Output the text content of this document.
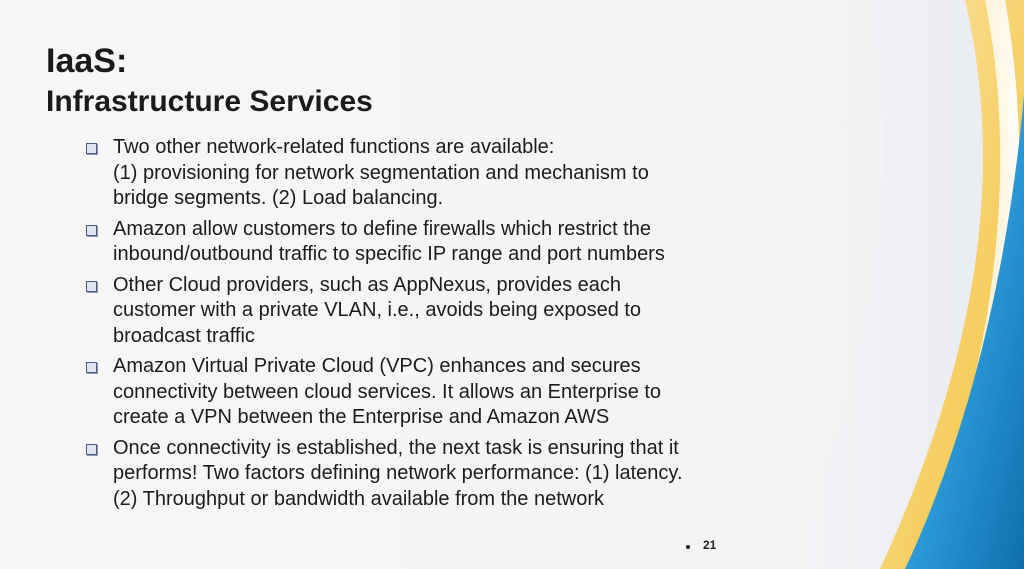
IaaS:
Infrastructure Services
Two other network-related functions are available:
(1) provisioning for network segmentation and mechanism to
bridge segments. (2) Load balancing.
Amazon allow customers to define firewalls which restrict the
inbound/outbound traffic to specific IP range and port numbers
Other Cloud providers, such as AppNexus, provides each
customer with a private VLAN, i.e., avoids being exposed to
broadcast traffic
Amazon Virtual Private Cloud (VPC) enhances and secures
connectivity between cloud services. It allows an Enterprise to
create a VPN between the Enterprise and Amazon AWS
Once connectivity is established, the next task is ensuring that it
performs! Two factors defining network performance: (1) latency.
(2) Throughput or bandwidth available from the network
21
